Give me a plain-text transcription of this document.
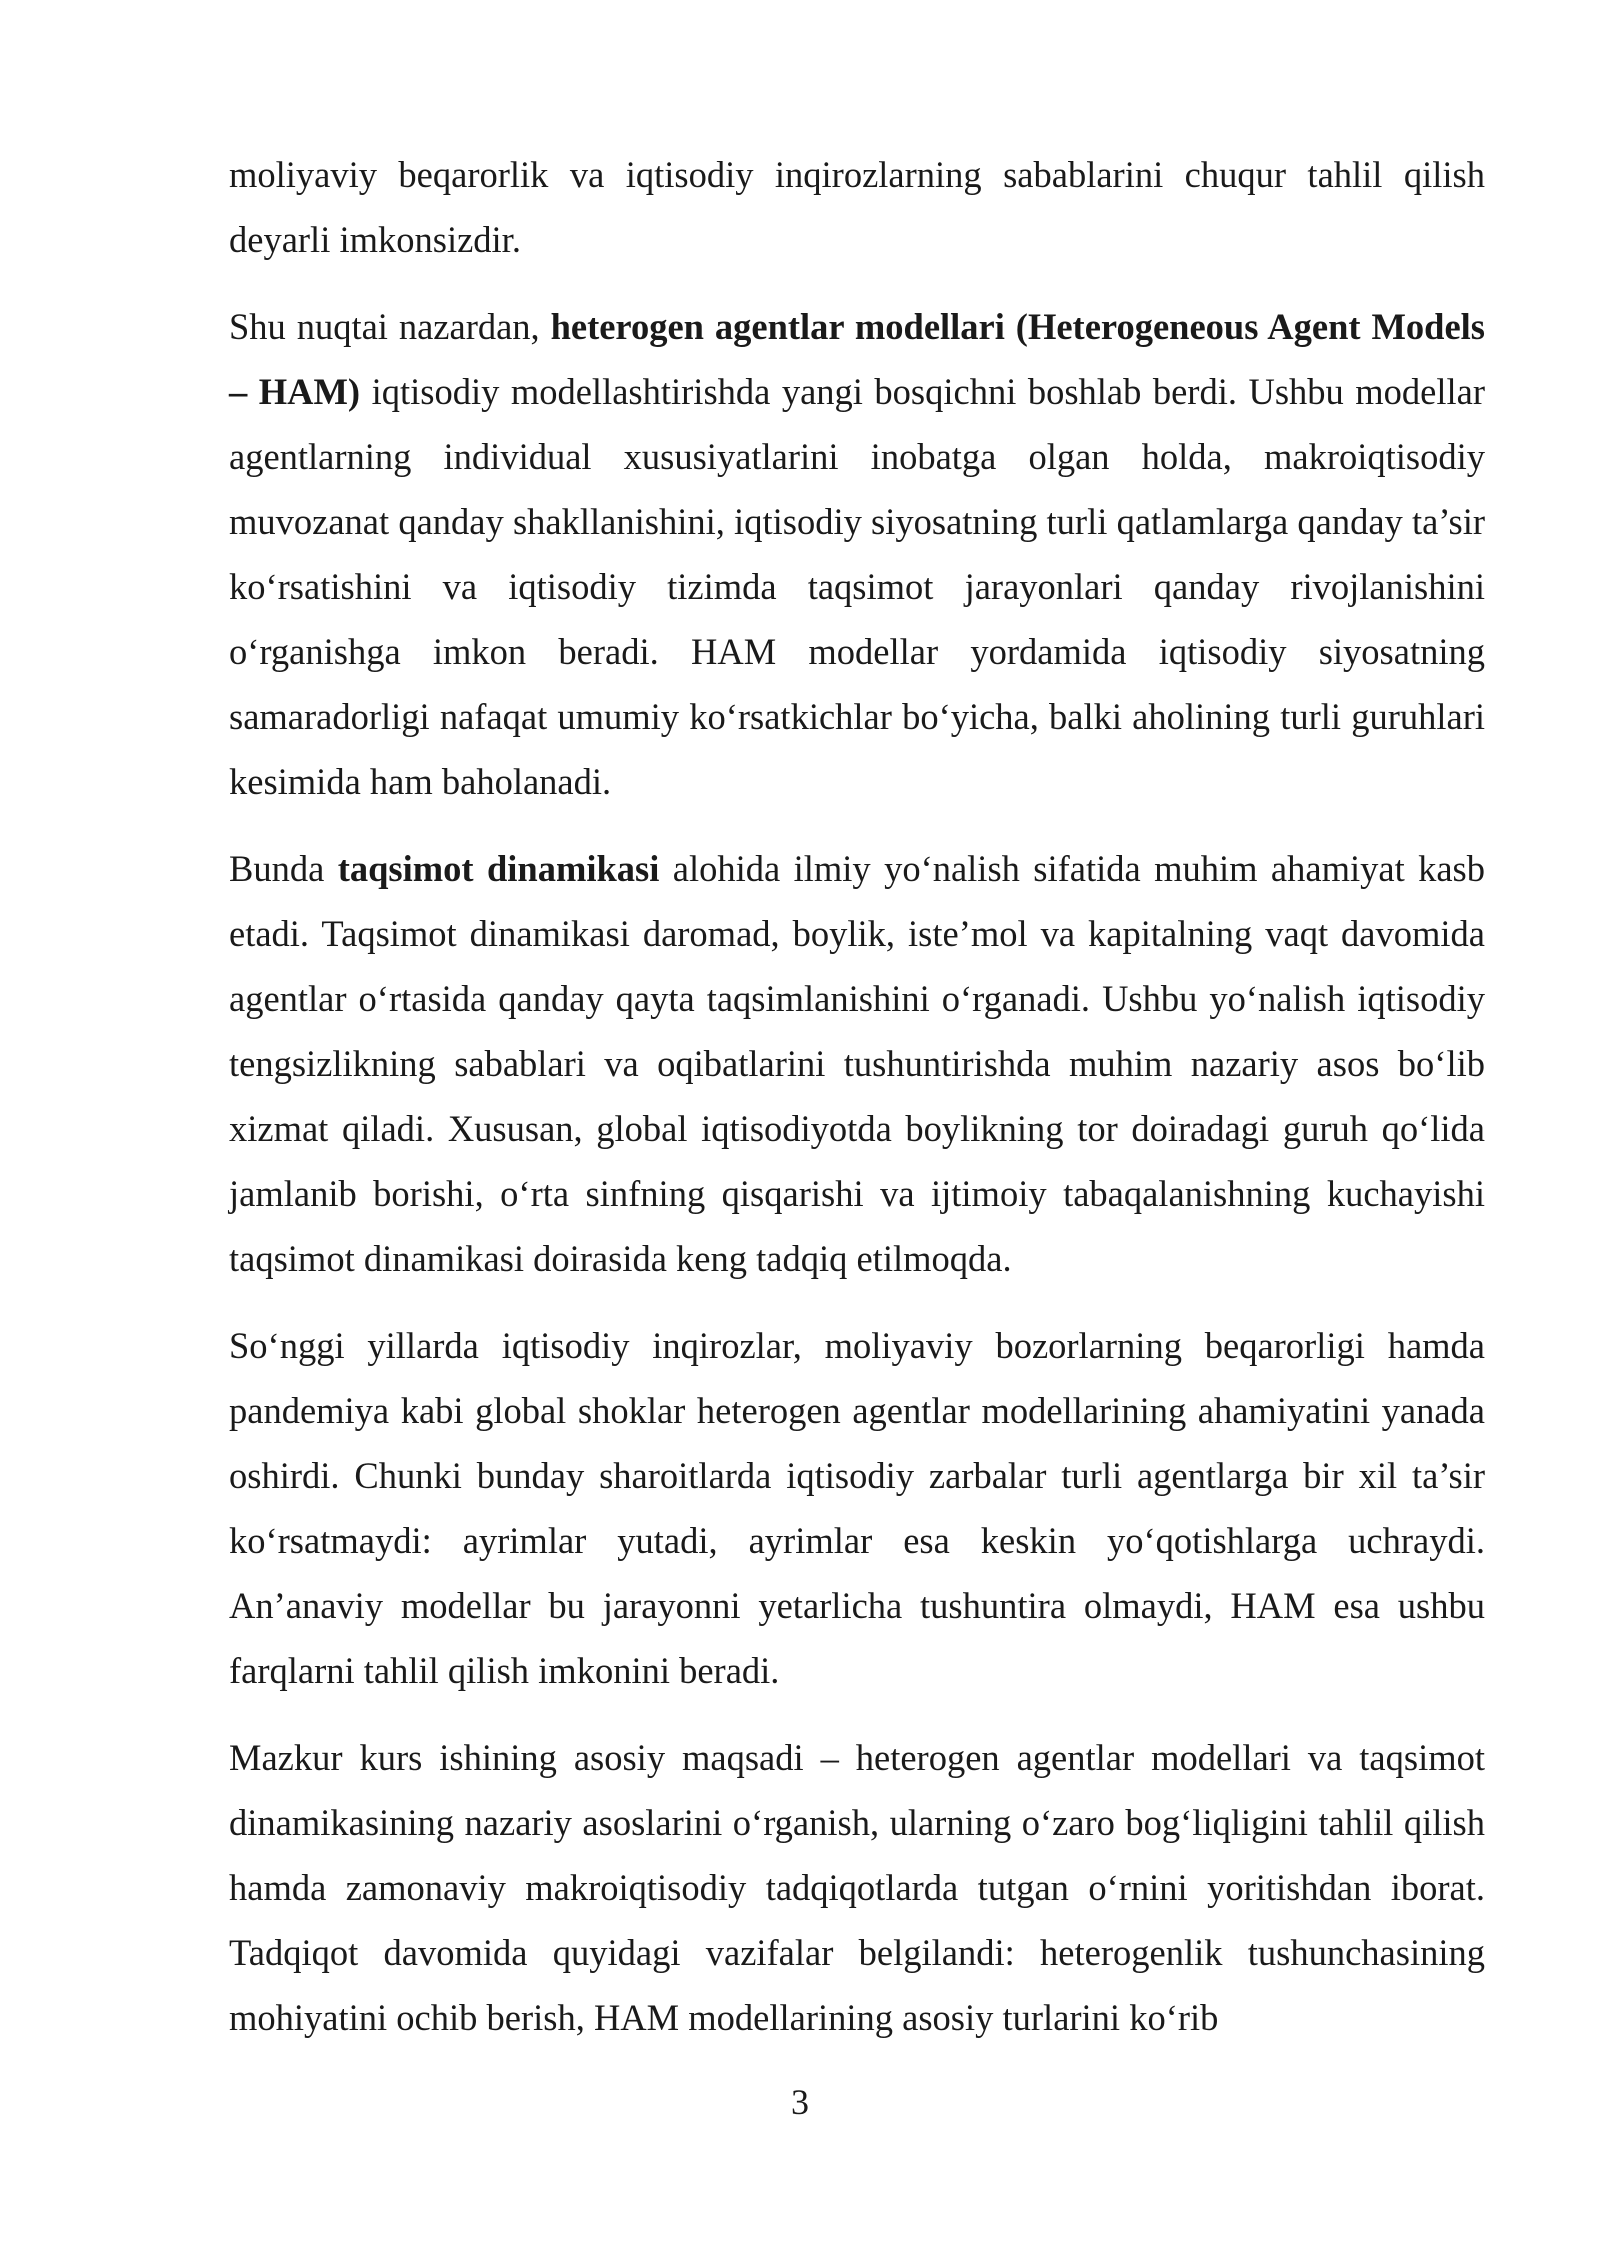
moliyaviy beqarorlik va iqtisodiy inqirozlarning sabablarini chuqur tahlil qilish deyarli imkonsizdir.

Shu nuqtai nazardan, heterogen agentlar modellari (Heterogeneous Agent Models – HAM) iqtisodiy modellashtirishda yangi bosqichni boshlab berdi. Ushbu modellar agentlarning individual xususiyatlarini inobatga olgan holda, makroiqtisodiy muvozanat qanday shakllanishini, iqtisodiy siyosatning turli qatlamlarga qanday ta’sir ko‘rsatishini va iqtisodiy tizimda taqsimot jarayonlari qanday rivojlanishini o‘rganishga imkon beradi. HAM modellar yordamida iqtisodiy siyosatning samaradorligi nafaqat umumiy ko‘rsatkichlar bo‘yicha, balki aholining turli guruhlari kesimida ham baholanadi.

Bunda taqsimot dinamikasi alohida ilmiy yo‘nalish sifatida muhim ahamiyat kasb etadi. Taqsimot dinamikasi daromad, boylik, iste’mol va kapitalning vaqt davomida agentlar o‘rtasida qanday qayta taqsimlanishini o‘rganadi. Ushbu yo‘nalish iqtisodiy tengsizlikning sabablari va oqibatlarini tushuntirishda muhim nazariy asos bo‘lib xizmat qiladi. Xususan, global iqtisodiyotda boylikning tor doiradagi guruh qo‘lida jamlanib borishi, o‘rta sinfning qisqarishi va ijtimoiy tabaqalanishning kuchayishi taqsimot dinamikasi doirasida keng tadqiq etilmoqda.

So‘nggi yillarda iqtisodiy inqirozlar, moliyaviy bozorlarning beqarorligi hamda pandemiya kabi global shoklar heterogen agentlar modellarining ahamiyatini yanada oshirdi. Chunki bunday sharoitlarda iqtisodiy zarbalar turli agentlarga bir xil ta’sir ko‘rsatmaydi: ayrimlar yutadi, ayrimlar esa keskin yo‘qotishlarga uchraydi. An’anaviy modellar bu jarayonni yetarlicha tushuntira olmaydi, HAM esa ushbu farqlarni tahlil qilish imkonini beradi.

Mazkur kurs ishining asosiy maqsadi – heterogen agentlar modellari va taqsimot dinamikasining nazariy asoslarini o‘rganish, ularning o‘zaro bog‘liqligini tahlil qilish hamda zamonaviy makroiqtisodiy tadqiqotlarda tutgan o‘rnini yoritishdan iborat. Tadqiqot davomida quyidagi vazifalar belgilandi: heterogenlik tushunchasining mohiyatini ochib berish, HAM modellarining asosiy turlarini ko‘rib

3
